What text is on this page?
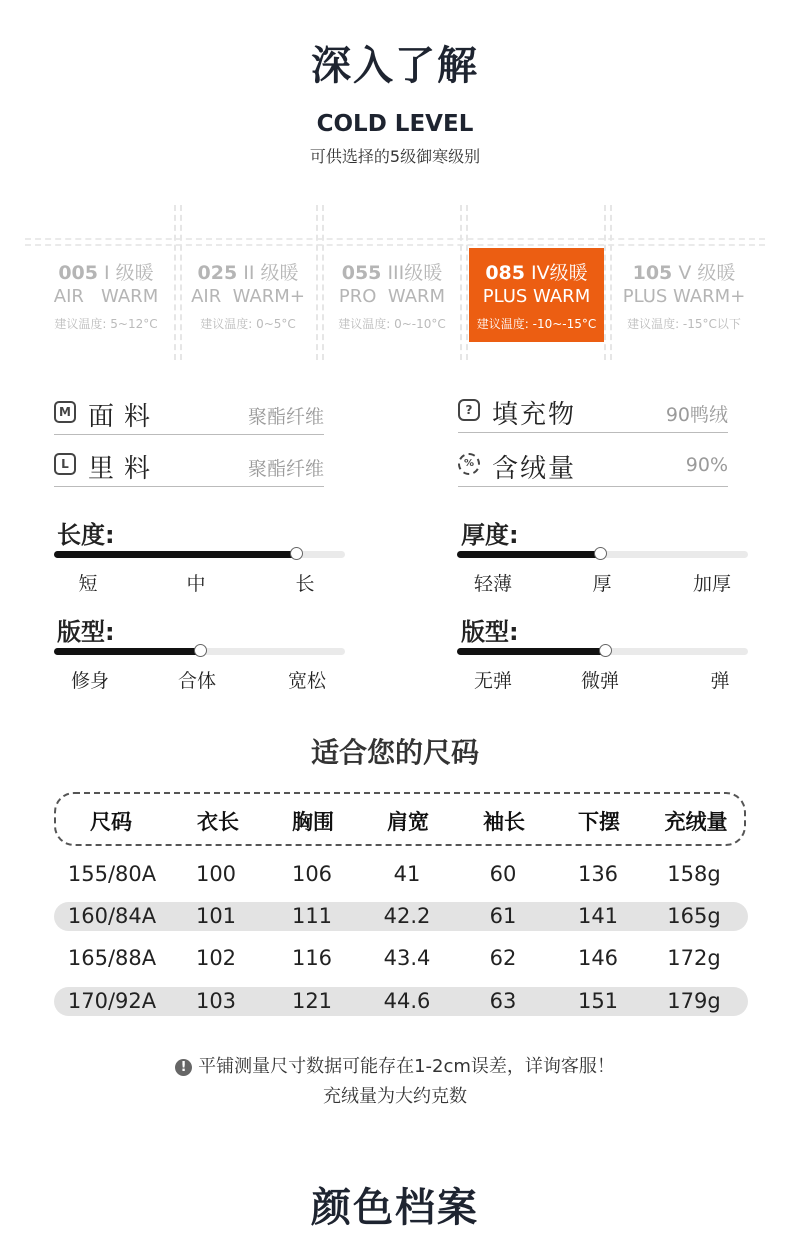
深入了解
COLD LEVEL
可供选择的5级御寒级别
005 I 级暖
AIR   WARM
建议温度: 5~12°C
025 II 级暖
AIR  WARM+
建议温度: 0~5°C
055 III级暖
PRO  WARM
建议温度: 0~-10°C
085 IV级暖
PLUS WARM
建议温度: -10~-15°C
105 V 级暖
PLUS WARM+
建议温度: -15°C以下
M 面料	聚酯纤维	? 填充物	90鸭绒
L 里料	聚酯纤维	% 含绒量	90%
长度:
短	中	长
厚度:
轻薄	厚	加厚
版型:
修身	合体	宽松
版型:
无弹	微弹	弹
适合您的尺码
尺码	衣长	胸围	肩宽	袖长	下摆 充绒量
155/80A 100	106	41	60	136 158g
160/84A 101	111 42.2	61	141 165g
165/88A 102	116 43.4	62	146 172g
170/92A 103	121 44.6	63	151 179g
! 平铺测量尺寸数据可能存在1-2cm误差，详询客服！
充绒量为大约克数
颜色档案
